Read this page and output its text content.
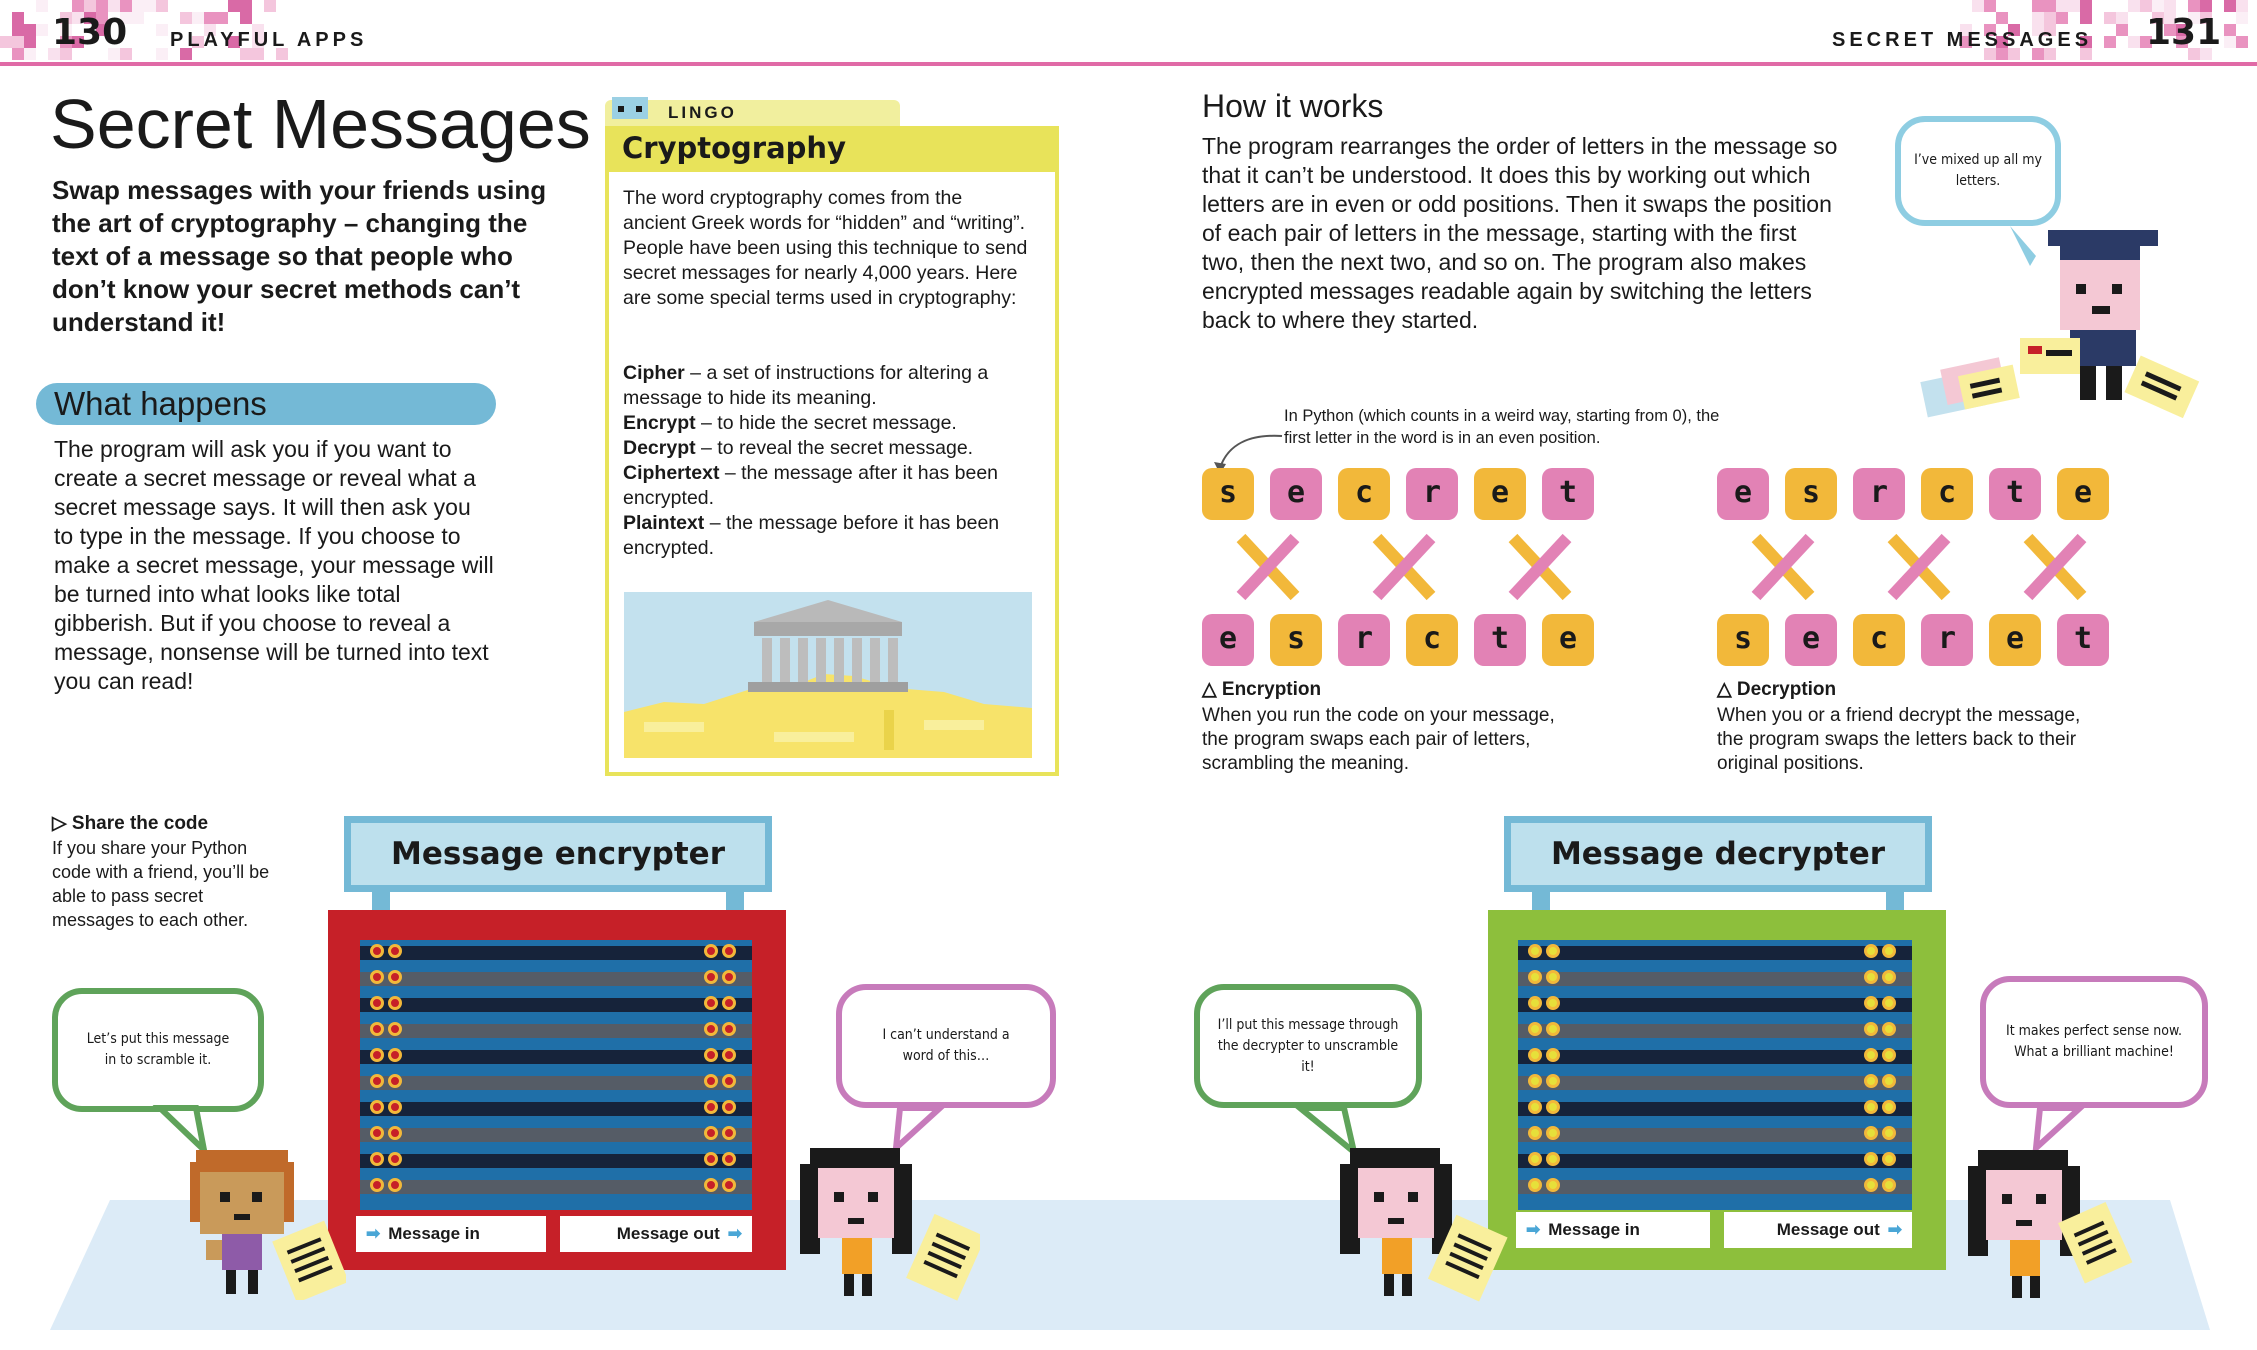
130 PLAYFUL APPS	SECRET MESSAGES 131
Secret Messages
Swap messages with your friends using the art of cryptography – changing the text of a message so that people who don’t know your secret methods can’t understand it!
What happens
The program will ask you if you want to create a secret message or reveal what a secret message says. It will then ask you to type in the message. If you choose to make a secret message, your message will be turned into what looks like total gibberish. But if you choose to reveal a message, nonsense will be turned into text you can read!
LINGO
Cryptography
The word cryptography comes from the ancient Greek words for “hidden” and “writing”. People have been using this technique to send secret messages for nearly 4,000 years. Here are some special terms used in cryptography:
Cipher – a set of instructions for altering a message to hide its meaning.
Encrypt – to hide the secret message.
Decrypt – to reveal the secret message.
Ciphertext – the message after it has been encrypted.
Plaintext – the message before it has been encrypted.
How it works
The program rearranges the order of letters in the message so that it can’t be understood. It does this by working out which letters are in even or odd positions. Then it swaps the position of each pair of letters in the message, starting with the first two, then the next two, and so on. The program also makes encrypted messages readable again by switching the letters back to where they started.
I’ve mixed up all my letters.
In Python (which counts in a weird way, starting from 0), the first letter in the word is in an even position.
s	e	c	r	e	t
e	s	r	c	t	e
△ Encryption
When you run the code on your message, the program swaps each pair of letters, scrambling the meaning.
e	s	r	c	t	e
s	e	c	r	e	t
△ Decryption
When you or a friend decrypt the message, the program swaps the letters back to their original positions.
▷ Share the code
If you share your Python code with a friend, you’ll be able to pass secret messages to each other.
Message encrypter
➡ Message in	Message out ➡
Message decrypter
➡ Message in	Message out ➡
Let’s put this message in to scramble it.
I can’t understand a word of this…
I’ll put this message through the decrypter to unscramble it!
It makes perfect sense now. What a brilliant machine!
